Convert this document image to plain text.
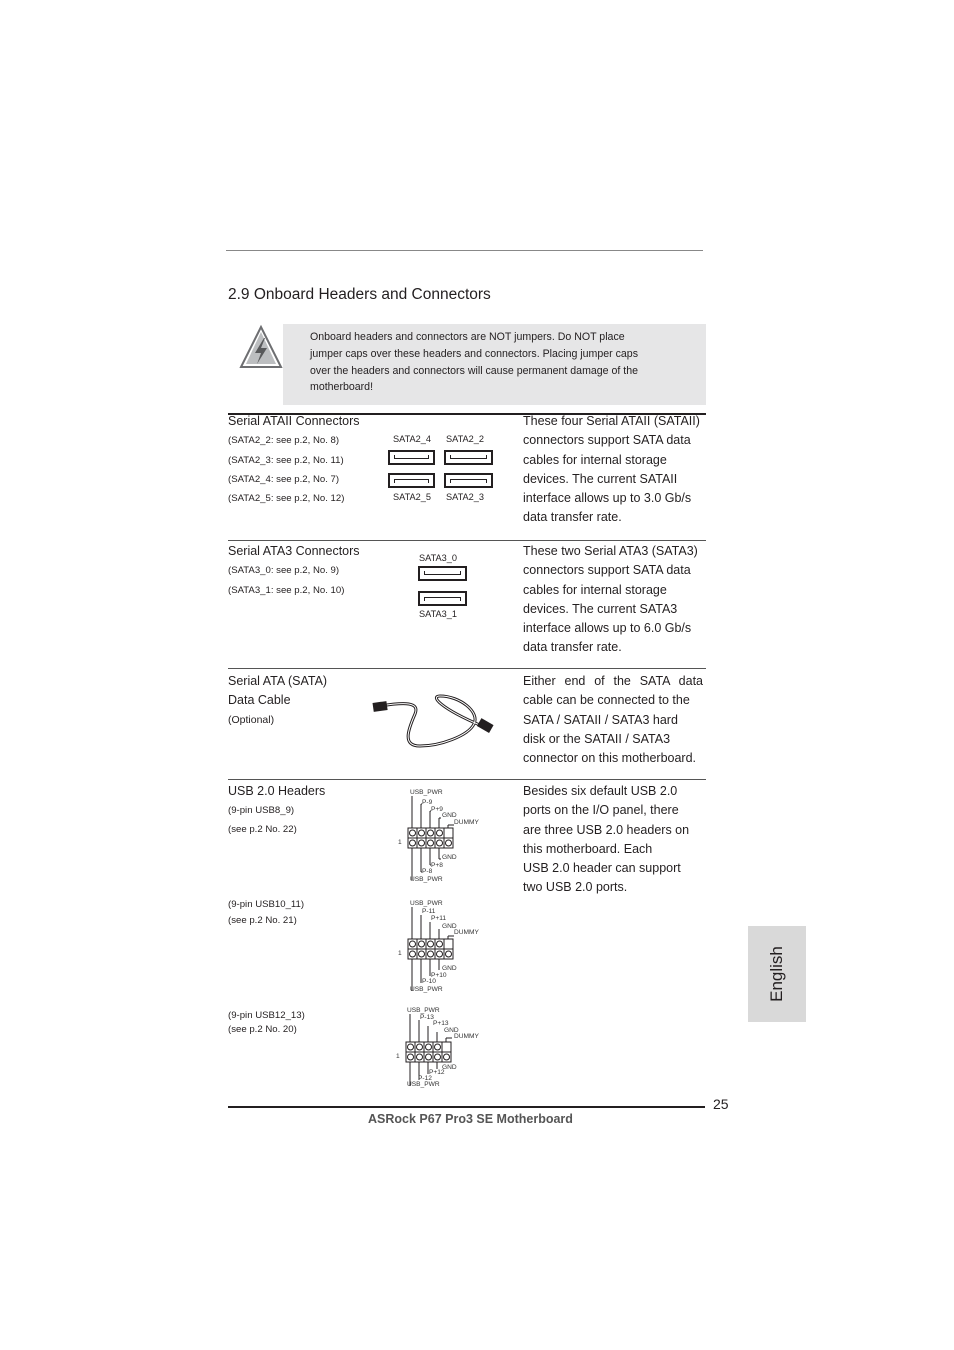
2.9 Onboard Headers and Connectors
Onboard headers and connectors are NOT jumpers. Do NOT place
jumper caps over these headers and connectors. Placing jumper caps
over the headers and connectors will cause permanent damage of the
motherboard!
Serial ATAII Connectors
(SATA2_2: see p.2, No. 8)
(SATA2_3: see p.2, No. 11)
(SATA2_4: see p.2, No. 7)
(SATA2_5: see p.2, No. 12)
SATA2_4 SATA2_2
SATA2_5 SATA2_3
These four Serial ATAII (SATAII)
connectors support SATA data
cables for internal storage
devices. The current SATAII
interface allows up to 3.0 Gb/s
data transfer rate.
Serial ATA3 Connectors
(SATA3_0: see p.2, No. 9)
(SATA3_1: see p.2, No. 10)
SATA3_0
SATA3_1
These two Serial ATA3 (SATA3)
connectors support SATA data
cables for internal storage
devices. The current SATA3
interface allows up to 6.0 Gb/s
data transfer rate.
Serial ATA (SATA)
Data Cable
(Optional)
Either end of the SATA data
cable can be connected to the
SATA / SATAII / SATA3 hard
disk or the SATAII / SATA3
connector on this motherboard.
USB 2.0 Headers	Besides six default USB 2.0
ports on the I/O panel, there
are three USB 2.0 headers on
this motherboard. Each
USB 2.0 header can support
two USB 2.0 ports.
(9-pin USB8_9)
(see p.2 No. 22)
USB_PWR
P-9
P+9
GND
DUMMY
1
GND
P+8
P-8
USB_PWR
(9-pin USB10_11)
(see p.2 No. 21)
USB_PWR
P-11
P+11
GND
DUMMY
1
GND
P+10
P-10
USB_PWR
(9-pin USB12_13)
(see p.2 No. 20)
USB_PWR
P-13
P+13
GND
DUMMY
1
GND
P+12
P-12
USB_PWR
25
ASRock P67 Pro3 SE Motherboard
English
